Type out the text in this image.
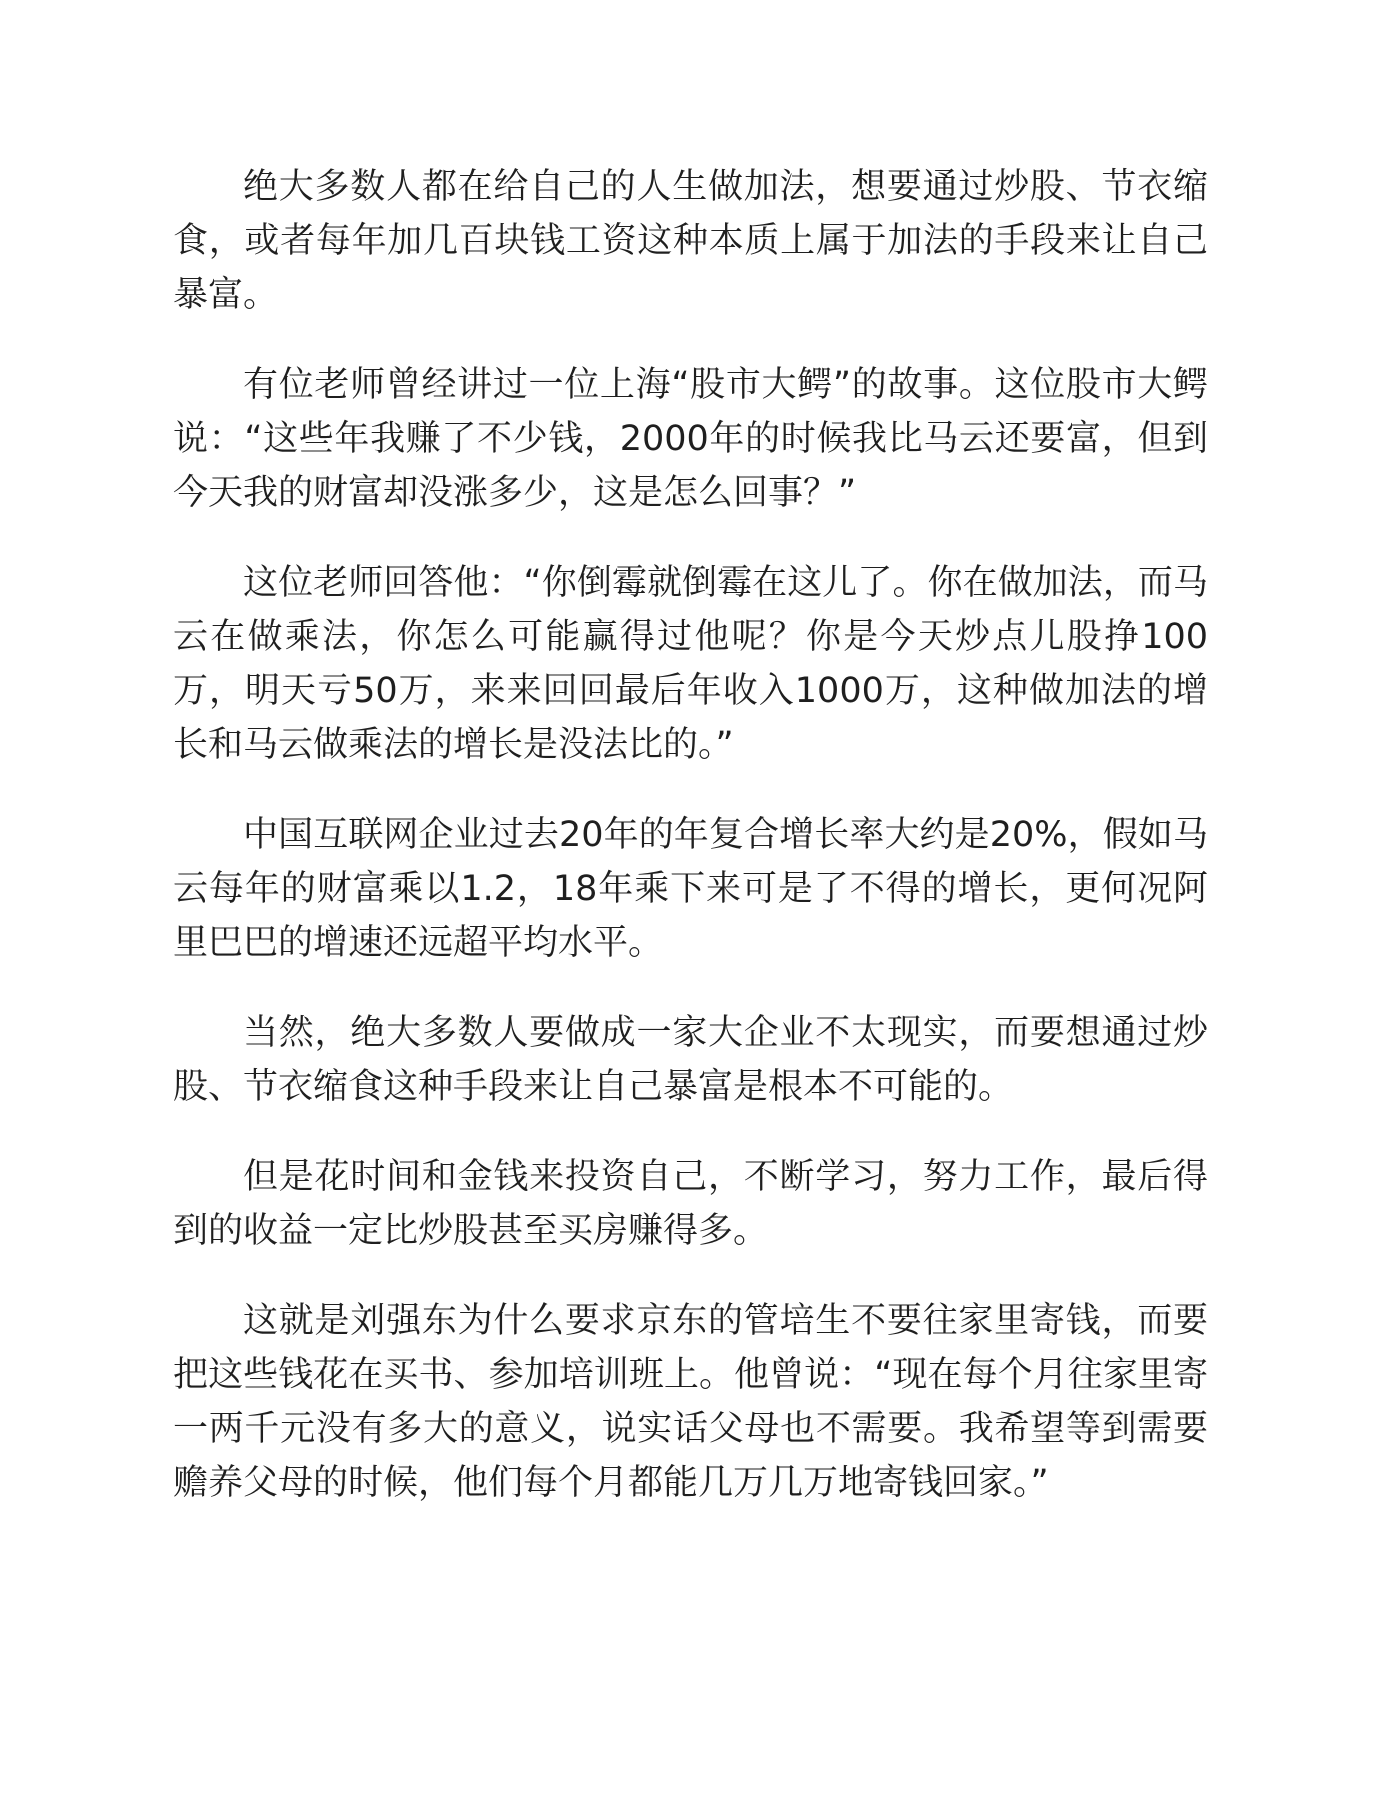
绝大多数人都在给自己的人生做加法，想要通过炒股、节衣缩食，或者每年加几百块钱工资这种本质上属于加法的手段来让自己暴富。

有位老师曾经讲过一位上海“股市大鳄”的故事。这位股市大鳄说：“这些年我赚了不少钱，2000年的时候我比马云还要富，但到今天我的财富却没涨多少，这是怎么回事？”

这位老师回答他：“你倒霉就倒霉在这儿了。你在做加法，而马云在做乘法，你怎么可能赢得过他呢？你是今天炒点儿股挣100万，明天亏50万，来来回回最后年收入1000万，这种做加法的增长和马云做乘法的增长是没法比的。”

中国互联网企业过去20年的年复合增长率大约是20%，假如马云每年的财富乘以1.2，18年乘下来可是了不得的增长，更何况阿里巴巴的增速还远超平均水平。

当然，绝大多数人要做成一家大企业不太现实，而要想通过炒股、节衣缩食这种手段来让自己暴富是根本不可能的。

但是花时间和金钱来投资自己，不断学习，努力工作，最后得到的收益一定比炒股甚至买房赚得多。

这就是刘强东为什么要求京东的管培生不要往家里寄钱，而要把这些钱花在买书、参加培训班上。他曾说：“现在每个月往家里寄一两千元没有多大的意义，说实话父母也不需要。我希望等到需要赡养父母的时候，他们每个月都能几万几万地寄钱回家。”
